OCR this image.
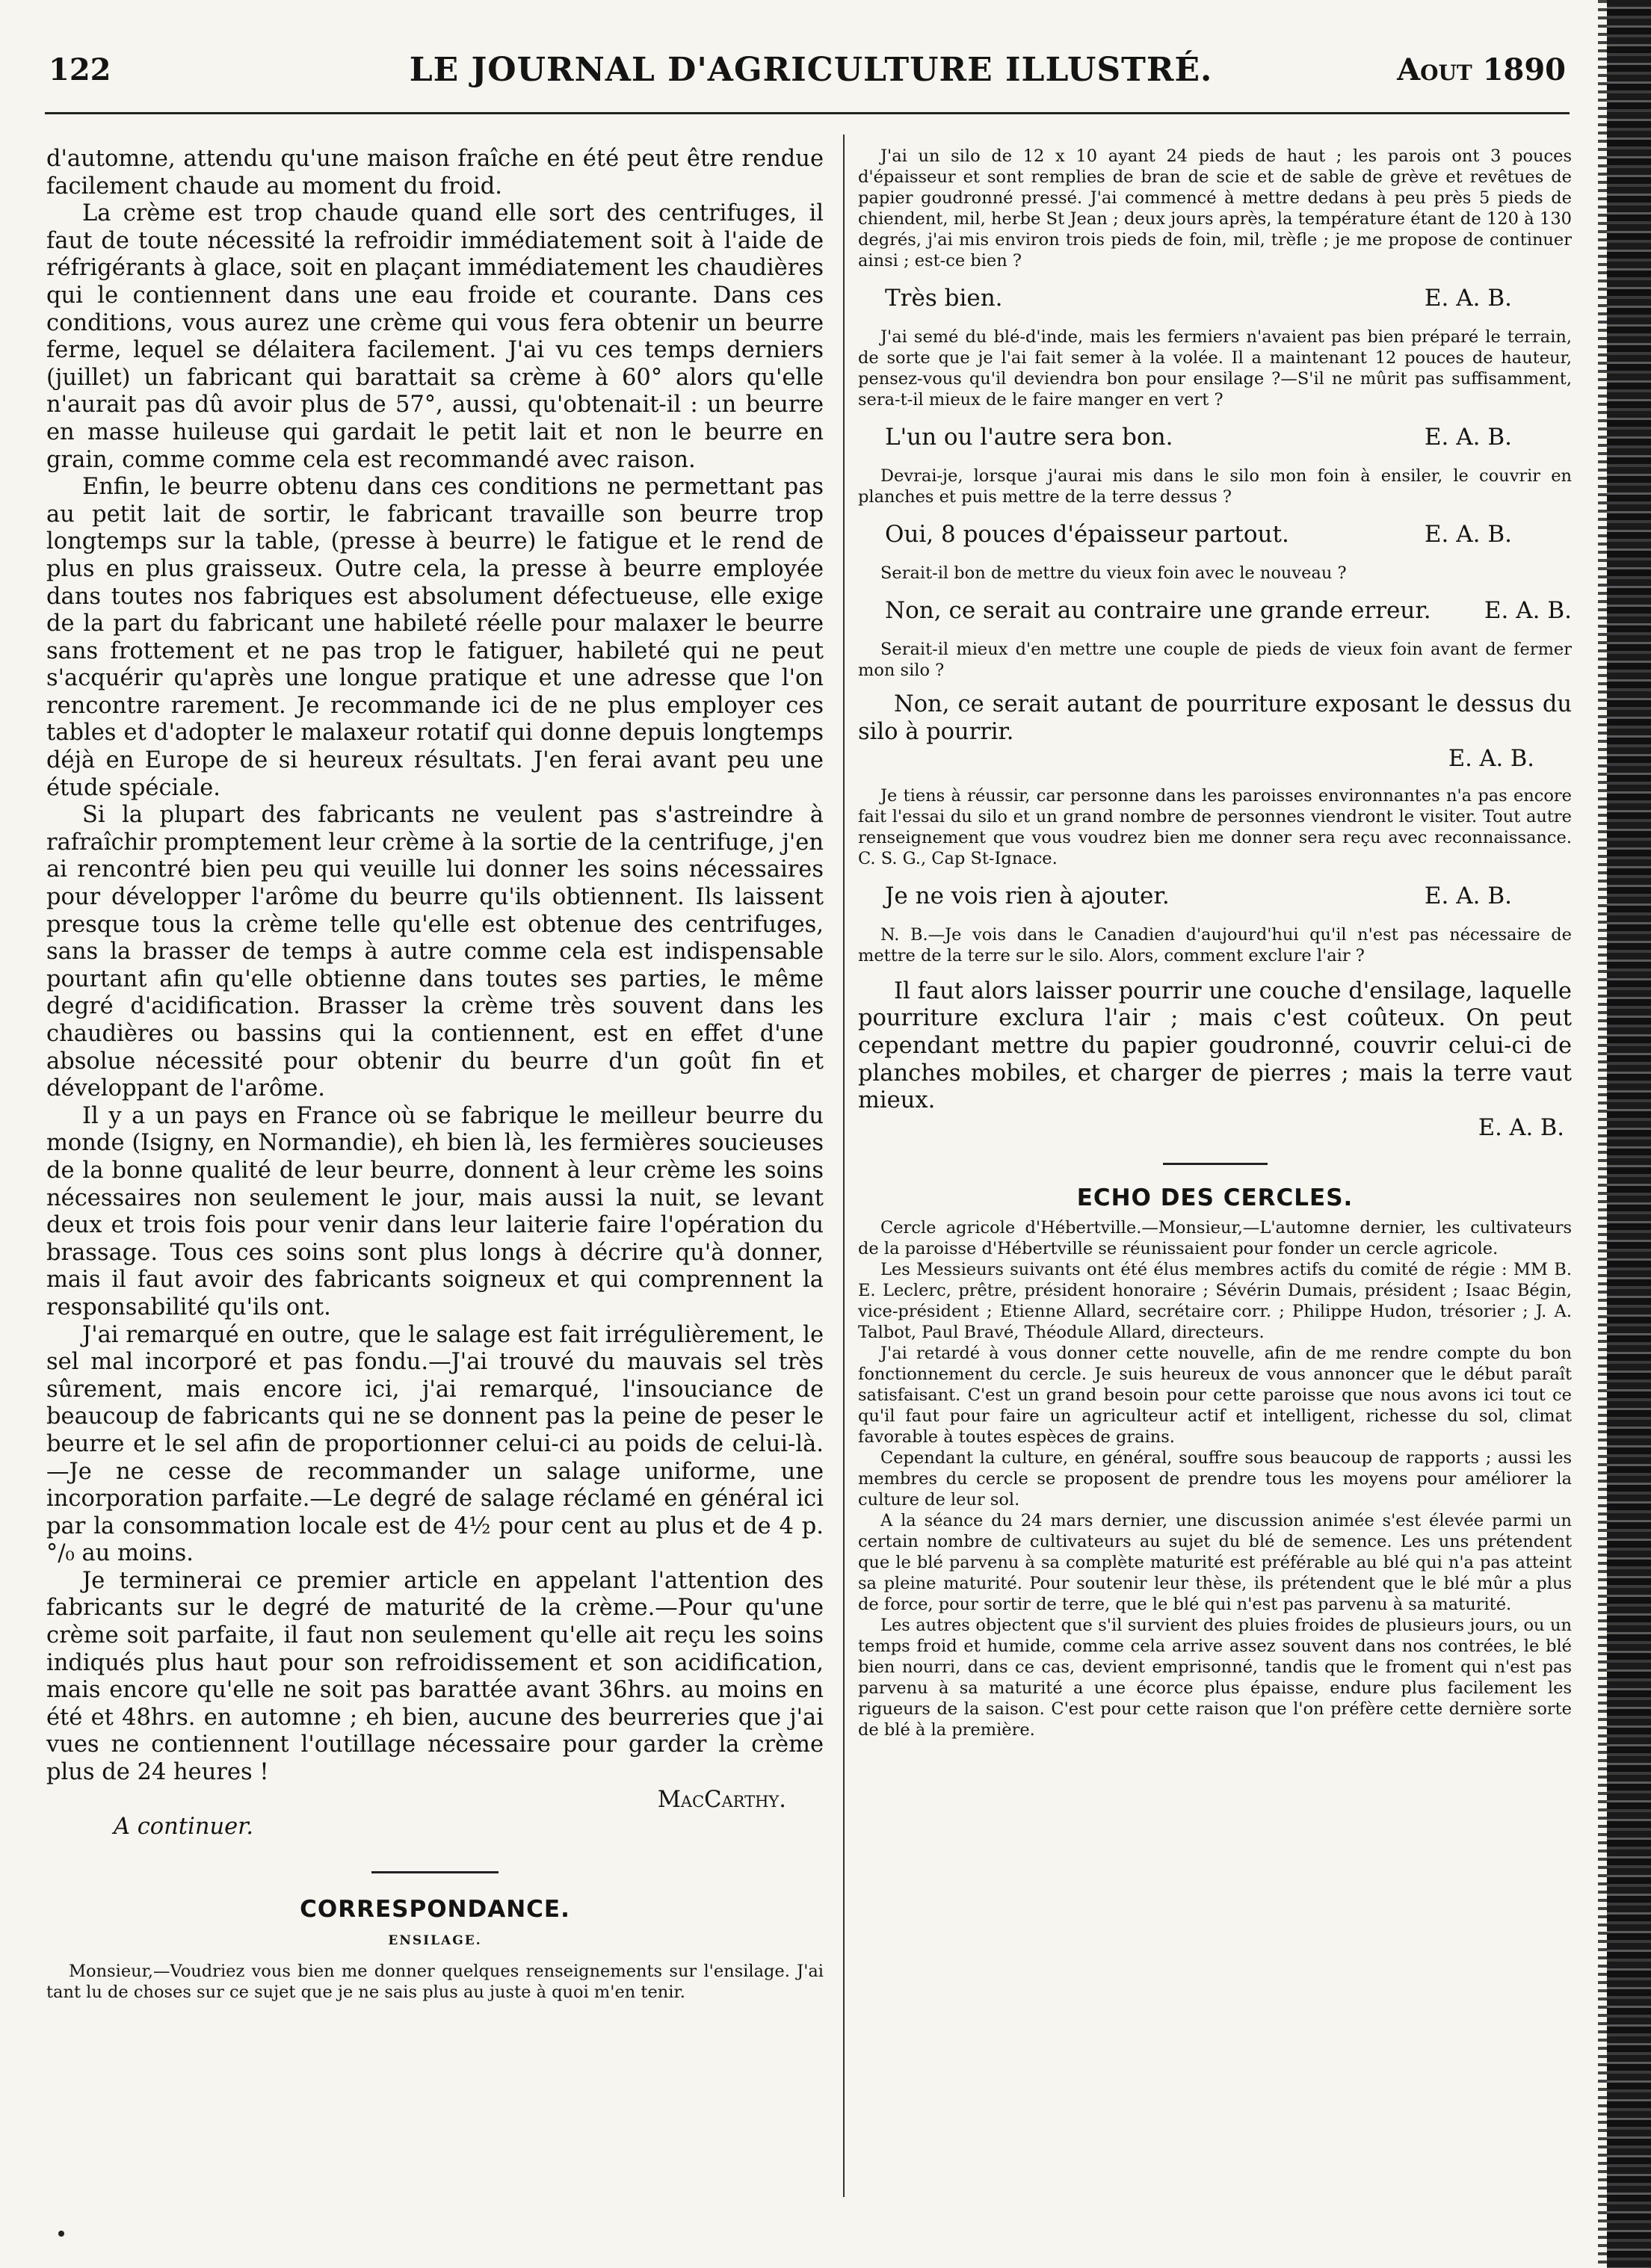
122	LE JOURNAL D'AGRICULTURE ILLUSTRÉ.	Aout 1890

d'automne, attendu qu'une maison fraîche en été peut être rendue facilement chaude au moment du froid.

La crème est trop chaude quand elle sort des centrifuges, il faut de toute nécessité la refroidir immédiatement soit à l'aide de réfrigérants à glace, soit en plaçant immédiatement les chaudières qui le contiennent dans une eau froide et courante. Dans ces conditions, vous aurez une crème qui vous fera obtenir un beurre ferme, lequel se délaitera facilement. J'ai vu ces temps derniers (juillet) un fabricant qui barattait sa crème à 60° alors qu'elle n'aurait pas dû avoir plus de 57°, aussi, qu'obtenait-il : un beurre en masse huileuse qui gardait le petit lait et non le beurre en grain, comme comme cela est recommandé avec raison.

Enfin, le beurre obtenu dans ces conditions ne permettant pas au petit lait de sortir, le fabricant travaille son beurre trop longtemps sur la table, (presse à beurre) le fatigue et le rend de plus en plus graisseux. Outre cela, la presse à beurre employée dans toutes nos fabriques est absolument défectueuse, elle exige de la part du fabricant une habileté réelle pour malaxer le beurre sans frottement et ne pas trop le fatiguer, habileté qui ne peut s'acquérir qu'après une longue pratique et une adresse que l'on rencontre rarement. Je recommande ici de ne plus employer ces tables et d'adopter le malaxeur rotatif qui donne depuis longtemps déjà en Europe de si heureux résultats. J'en ferai avant peu une étude spéciale.

Si la plupart des fabricants ne veulent pas s'astreindre à rafraîchir promptement leur crème à la sortie de la centrifuge, j'en ai rencontré bien peu qui veuille lui donner les soins nécessaires pour développer l'arôme du beurre qu'ils obtiennent. Ils laissent presque tous la crème telle qu'elle est obtenue des centrifuges, sans la brasser de temps à autre comme cela est indispensable pourtant afin qu'elle obtienne dans toutes ses parties, le même degré d'acidification. Brasser la crème très souvent dans les chaudières ou bassins qui la contiennent, est en effet d'une absolue nécessité pour obtenir du beurre d'un goût fin et développant de l'arôme.

Il y a un pays en France où se fabrique le meilleur beurre du monde (Isigny, en Normandie), eh bien là, les fermières soucieuses de la bonne qualité de leur beurre, donnent à leur crème les soins nécessaires non seulement le jour, mais aussi la nuit, se levant deux et trois fois pour venir dans leur laiterie faire l'opération du brassage. Tous ces soins sont plus longs à décrire qu'à donner, mais il faut avoir des fabricants soigneux et qui comprennent la responsabilité qu'ils ont.

J'ai remarqué en outre, que le salage est fait irrégulièrement, le sel mal incorporé et pas fondu.—J'ai trouvé du mauvais sel très sûrement, mais encore ici, j'ai remarqué, l'insouciance de beaucoup de fabricants qui ne se donnent pas la peine de peser le beurre et le sel afin de proportionner celui-ci au poids de celui-là.—Je ne cesse de recommander un salage uniforme, une incorporation parfaite.—Le degré de salage réclamé en général ici par la consommation locale est de 4½ pour cent au plus et de 4 p. °/₀ au moins.

Je terminerai ce premier article en appelant l'attention des fabricants sur le degré de maturité de la crème.—Pour qu'une crème soit parfaite, il faut non seulement qu'elle ait reçu les soins indiqués plus haut pour son refroidissement et son acidification, mais encore qu'elle ne soit pas barattée avant 36hrs. au moins en été et 48hrs. en automne ; eh bien, aucune des beurreries que j'ai vues ne contiennent l'outillage nécessaire pour garder la crème plus de 24 heures !

MacCarthy.
A continuer.
CORRESPONDANCE.
ENSILAGE.

Monsieur,—Voudriez vous bien me donner quelques renseignements sur l'ensilage. J'ai tant lu de choses sur ce sujet que je ne sais plus au juste à quoi m'en tenir.

J'ai un silo de 12 x 10 ayant 24 pieds de haut ; les parois ont 3 pouces d'épaisseur et sont remplies de bran de scie et de sable de grève et revêtues de papier goudronné pressé. J'ai commencé à mettre dedans à peu près 5 pieds de chiendent, mil, herbe St Jean ; deux jours après, la température étant de 120 à 130 degrés, j'ai mis environ trois pieds de foin, mil, trèfle ; je me propose de continuer ainsi ; est-ce bien ?

Très bien.	E. A. B.

J'ai semé du blé-d'inde, mais les fermiers n'avaient pas bien préparé le terrain, de sorte que je l'ai fait semer à la volée. Il a maintenant 12 pouces de hauteur, pensez-vous qu'il deviendra bon pour ensilage ?—S'il ne mûrit pas suffisamment, sera-t-il mieux de le faire manger en vert ?

L'un ou l'autre sera bon.	E. A. B.

Devrai-je, lorsque j'aurai mis dans le silo mon foin à ensiler, le couvrir en planches et puis mettre de la terre dessus ?

Oui, 8 pouces d'épaisseur partout.	E. A. B.

Serait-il bon de mettre du vieux foin avec le nouveau ?

Non, ce serait au contraire une grande erreur. E. A. B.

Serait-il mieux d'en mettre une couple de pieds de vieux foin avant de fermer mon silo ?

Non, ce serait autant de pourriture exposant le dessus du silo à pourrir.

E. A. B.

Je tiens à réussir, car personne dans les paroisses environnantes n'a pas encore fait l'essai du silo et un grand nombre de personnes viendront le visiter. Tout autre renseignement que vous voudrez bien me donner sera reçu avec reconnaissance. C. S. G., Cap St-Ignace.

Je ne vois rien à ajouter.	E. A. B.

N. B.—Je vois dans le Canadien d'aujourd'hui qu'il n'est pas nécessaire de mettre de la terre sur le silo. Alors, comment exclure l'air ?

Il faut alors laisser pourrir une couche d'ensilage, laquelle pourriture exclura l'air ; mais c'est coûteux. On peut cependant mettre du papier goudronné, couvrir celui-ci de planches mobiles, et charger de pierres ; mais la terre vaut mieux.

E. A. B.
ECHO DES CERCLES.

Cercle agricole d'Hébertville.—Monsieur,—L'automne dernier, les cultivateurs de la paroisse d'Hébertville se réunissaient pour fonder un cercle agricole.

Les Messieurs suivants ont été élus membres actifs du comité de régie : MM B. E. Leclerc, prêtre, président honoraire ; Sévérin Dumais, président ; Isaac Bégin, vice-président ; Etienne Allard, secrétaire corr. ; Philippe Hudon, trésorier ; J. A. Talbot, Paul Bravé, Théodule Allard, directeurs.

J'ai retardé à vous donner cette nouvelle, afin de me rendre compte du bon fonctionnement du cercle. Je suis heureux de vous annoncer que le début paraît satisfaisant. C'est un grand besoin pour cette paroisse que nous avons ici tout ce qu'il faut pour faire un agriculteur actif et intelligent, richesse du sol, climat favorable à toutes espèces de grains.

Cependant la culture, en général, souffre sous beaucoup de rapports ; aussi les membres du cercle se proposent de prendre tous les moyens pour améliorer la culture de leur sol.

A la séance du 24 mars dernier, une discussion animée s'est élevée parmi un certain nombre de cultivateurs au sujet du blé de semence. Les uns prétendent que le blé parvenu à sa complète maturité est préférable au blé qui n'a pas atteint sa pleine maturité. Pour soutenir leur thèse, ils prétendent que le blé mûr a plus de force, pour sortir de terre, que le blé qui n'est pas parvenu à sa maturité.

Les autres objectent que s'il survient des pluies froides de plusieurs jours, ou un temps froid et humide, comme cela arrive assez souvent dans nos contrées, le blé bien nourri, dans ce cas, devient emprisonné, tandis que le froment qui n'est pas parvenu à sa maturité a une écorce plus épaisse, endure plus facilement les rigueurs de la saison. C'est pour cette raison que l'on préfère cette dernière sorte de blé à la première.
